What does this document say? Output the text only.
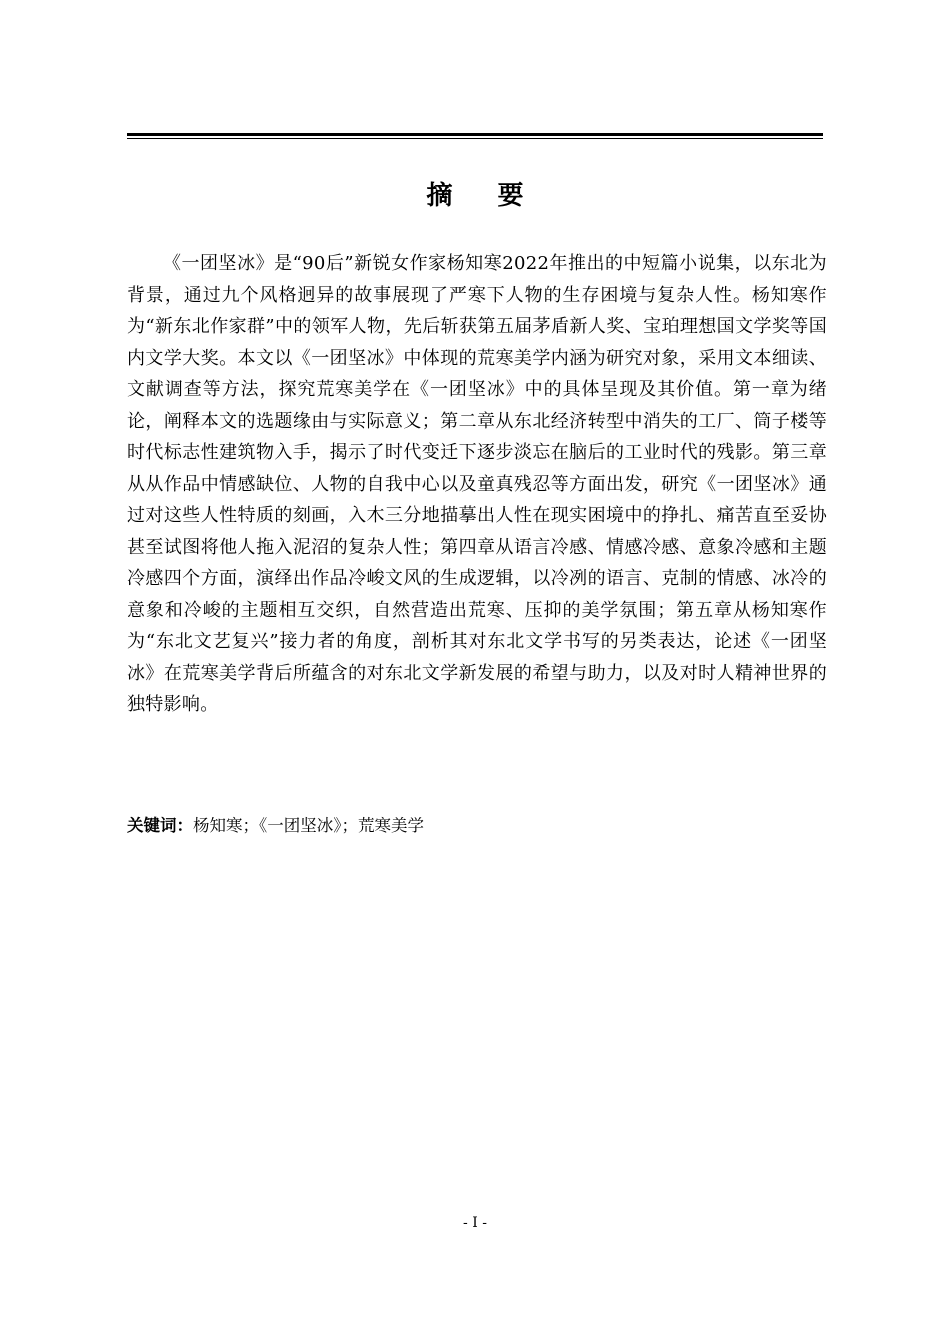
摘 要

《一团坚冰》是“90后”新锐女作家杨知寒2022年推出的中短篇小说集，以东北为背景，通过九个风格迥异的故事展现了严寒下人物的生存困境与复杂人性。杨知寒作为“新东北作家群”中的领军人物，先后斩获第五届茅盾新人奖、宝珀理想国文学奖等国内文学大奖。本文以《一团坚冰》中体现的荒寒美学内涵为研究对象，采用文本细读、文献调查等方法，探究荒寒美学在《一团坚冰》中的具体呈现及其价值。第一章为绪论，阐释本文的选题缘由与实际意义；第二章从东北经济转型中消失的工厂、筒子楼等时代标志性建筑物入手，揭示了时代变迁下逐步淡忘在脑后的工业时代的残影。第三章从从作品中情感缺位、人物的自我中心以及童真残忍等方面出发，研究《一团坚冰》通过对这些人性特质的刻画，入木三分地描摹出人性在现实困境中的挣扎、痛苦直至妥协甚至试图将他人拖入泥沼的复杂人性；第四章从语言冷感、情感冷感、意象冷感和主题冷感四个方面，演绎出作品冷峻文风的生成逻辑，以冷冽的语言、克制的情感、冰冷的意象和冷峻的主题相互交织，自然营造出荒寒、压抑的美学氛围；第五章从杨知寒作为“东北文艺复兴”接力者的角度，剖析其对东北文学书写的另类表达，论述《一团坚冰》在荒寒美学背后所蕴含的对东北文学新发展的希望与助力，以及对时人精神世界的独特影响。

关键词：杨知寒；《一团坚冰》；荒寒美学
- I -
